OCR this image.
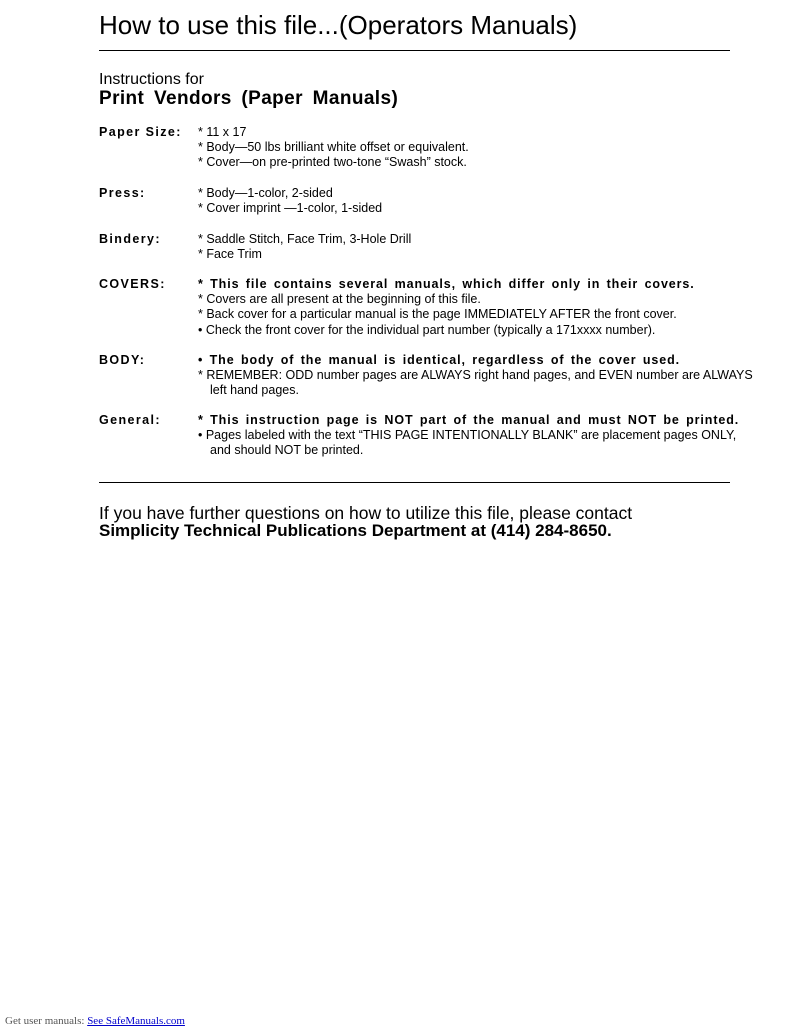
How to use this file...(Operators Manuals)
Instructions for
Print Vendors (Paper Manuals)
Paper Size: * 11 x 17
* Body—50 lbs brilliant white offset or equivalent.
* Cover—on pre-printed two-tone “Swash” stock.
Press:	* Body—1-color, 2-sided
* Cover imprint —1-color, 1-sided
Bindery:	* Saddle Stitch, Face Trim, 3-Hole Drill
* Face Trim
COVERS:	* This file contains several manuals, which differ only in their covers.
* Covers are all present at the beginning of this file.
* Back cover for a particular manual is the page IMMEDIATELY AFTER the front cover.
• Check the front cover for the individual part number (typically a 171xxxx number).
BODY:	• The body of the manual is identical, regardless of the cover used.
* REMEMBER: ODD number pages are ALWAYS right hand pages, and EVEN number are ALWAYS
left hand pages.
General:	* This instruction page is NOT part of the manual and must NOT be printed.
• Pages labeled with the text “THIS PAGE INTENTIONALLY BLANK” are placement pages ONLY,
and should NOT be printed.
If you have further questions on how to utilize this file, please contact
Simplicity Technical Publications Department at (414) 284-8650.
Get user manuals: See SafeManuals.com
